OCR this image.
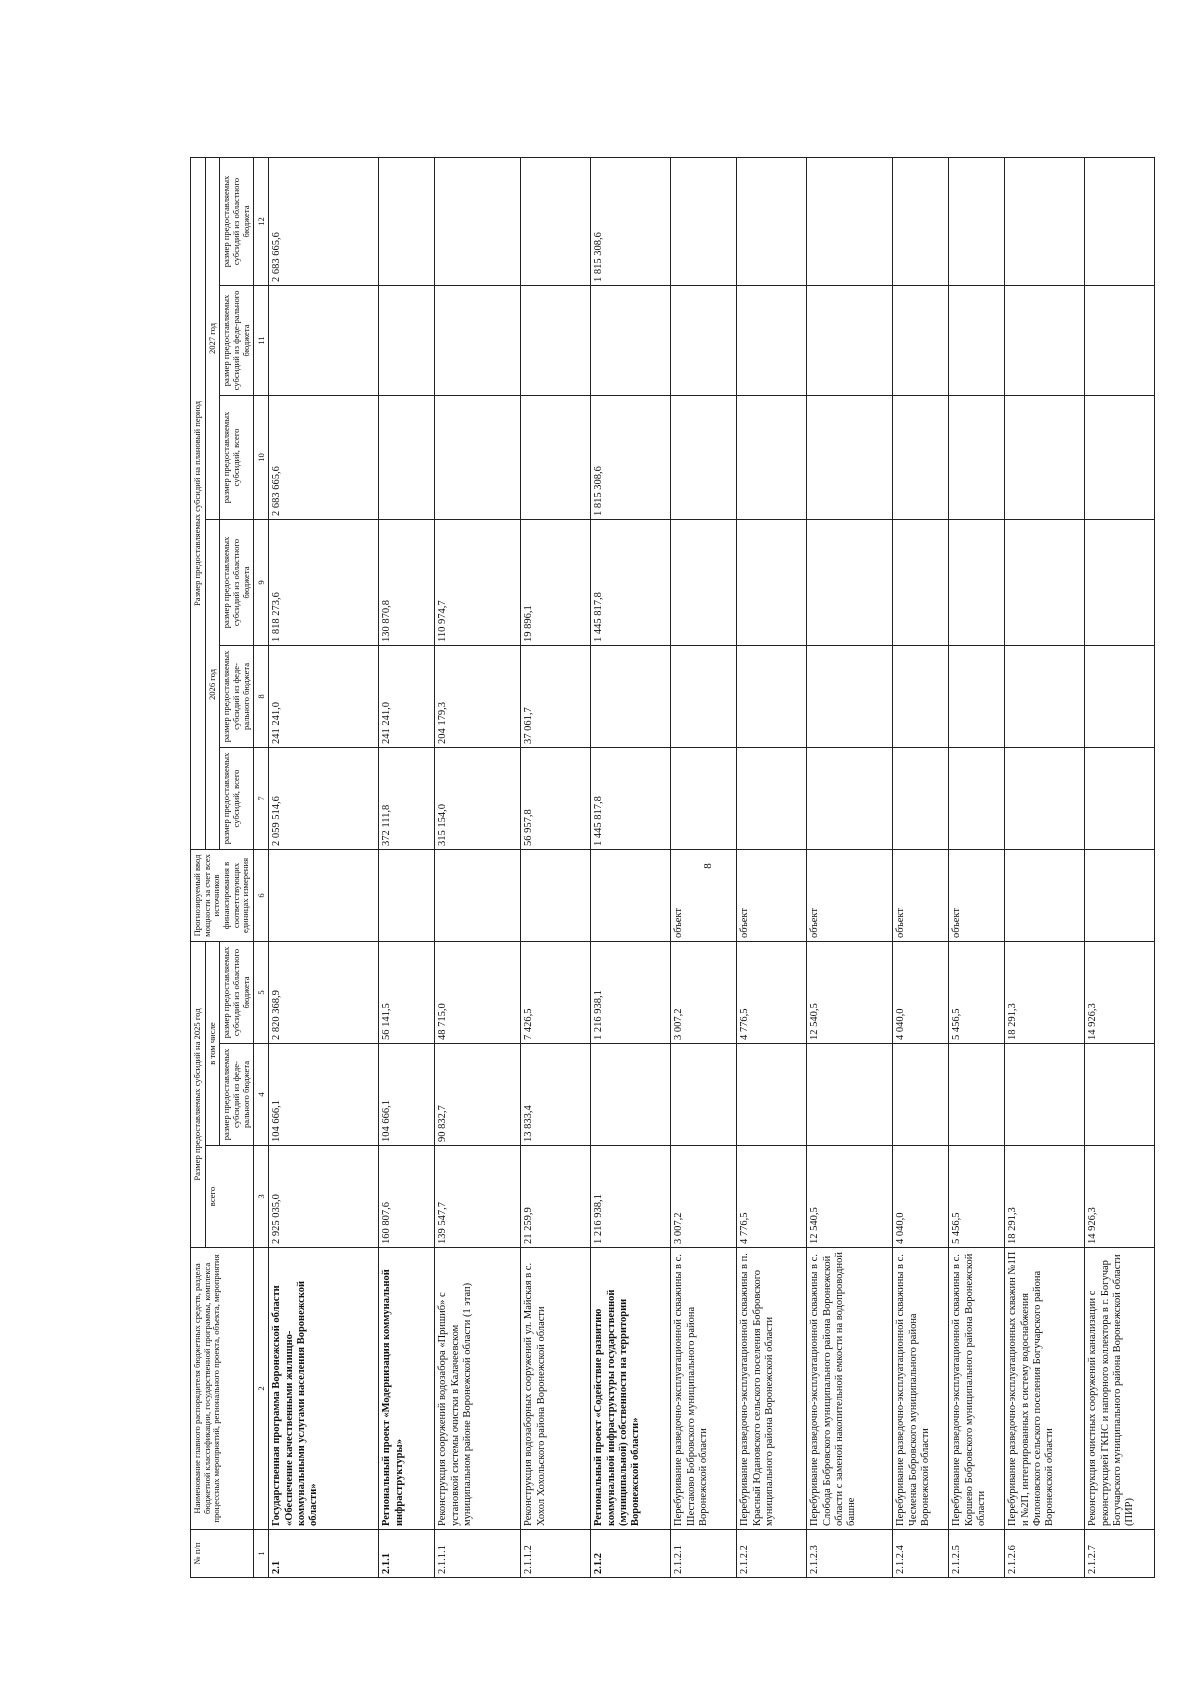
8
№ п/п	Наименование главного распорядителя бюджетных средств, раздела бюджетной классификации, государственной программы, комплекса процессных мероприятий, регионального проекта, объекта, мероприятия	Размер предоставляемых субсидий на 2025 год			Прогнозируемый ввод мощности за счет всех источников финансирования в соответствующих единицах измерения	Размер предоставляемых субсидий на плановый период					
		всего	в том числе			2026 год			2027 год		
						размер предоставляемых субсидий, всего	размер предоставляемых субсидий из феде-рального бюджета	размер предоставляемых субсидий из областного бюджета	размер предоставляемых субсидий, всего	размер предоставляемых субсидий из феде-рального бюджета	размер предоставляемых субсидий из областного бюджета
			размер предоставляемых субсидий из феде-рального бюджета	размер предоставляемых субсидий из областного бюджета							
1	2	3	4	5	6	7	8	9	10	11	12
2.1	Государственная программа Воронежской области «Обеспечение качественными жилищно-коммунальными услугами населения Воронежской области»	2 925 035,0	104 666,1	2 820 368,9		2 059 514,6	241 241,0	1 818 273,6	2 683 665,6		2 683 665,6
2.1.1	Региональный проект «Модернизация коммунальной инфраструктуры»	160 807,6	104 666,1	56 141,5		372 111,8	241 241,0	130 870,8			
2.1.1.1	Реконструкция сооружений водозабора «Пришиб» с установкой системы очистки в Калачеевском муниципальном районе Воронежской области (1 этап)	139 547,7	90 832,7	48 715,0		315 154,0	204 179,3	110 974,7			
2.1.1.2	Реконструкция водозаборных сооружений ул. Майская в с. Хохол Хохольского района Воронежской области	21 259,9	13 833,4	7 426,5		56 957,8	37 061,7	19 896,1			
2.1.2	Региональный проект «Содействие развитию коммунальной инфраструктуры государственной (муниципальной) собственности на территории Воронежской области»	1 216 938,1		1 216 938,1		1 445 817,8		1 445 817,8	1 815 308,6		1 815 308,6
2.1.2.1	Перебуривание разведочно-эксплуатационной скважины в с. Шестаково Бобровского муниципального района Воронежской области	3 007,2		3 007,2	объект						
2.1.2.2	Перебуривание разведочно-эксплуатационной скважины в п. Красный Юдановского сельского поселения Бобровского муниципального района Воронежской области	4 776,5		4 776,5	объект						
2.1.2.3	Перебуривание разведочно-эксплуатационной скважины в с. Слобода Бобровского муниципального района Воронежской области с заменой накопительной емкости на водопроводной башне	12 540,5		12 540,5	объект						
2.1.2.4	Перебуривание разведочно-эксплуатационной скважины в с. Чесменка Бобровского муниципального района Воронежской области	4 040,0		4 040,0	объект						
2.1.2.5	Перебуривание разведочно-эксплуатационной скважины в с. Коршево Бобровского муниципального района Воронежской области	5 456,5		5 456,5	объект						
2.1.2.6	Перебуривание разведочно-эксплуатационных скважин №1П и №2П, интегрированных в систему водоснабжения Филоновского сельского поселения Богучарского района Воронежской области	18 291,3		18 291,3							
2.1.2.7	Реконструкция очистных сооружений канализации с реконструкцией ГКНС и напорного коллектора в г. Богучар Богучарского муниципального района Воронежской области (ПИР)	14 926,3		14 926,3							
